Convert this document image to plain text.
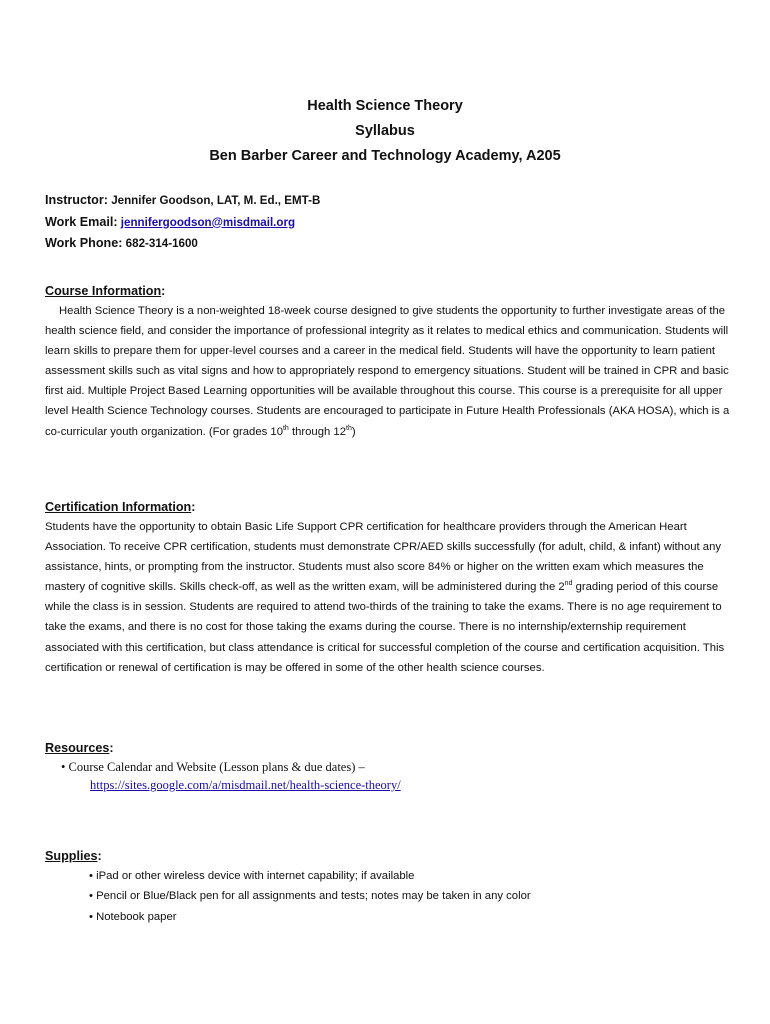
Health Science Theory
Syllabus
Ben Barber Career and Technology Academy, A205
Instructor: Jennifer Goodson, LAT, M. Ed., EMT-B
Work Email: jennifergoodson@misdmail.org
Work Phone: 682-314-1600
Course Information:

Health Science Theory is a non-weighted 18-week course designed to give students the opportunity to further investigate areas of the health science field, and consider the importance of professional integrity as it relates to medical ethics and communication. Students will learn skills to prepare them for upper-level courses and a career in the medical field. Students will have the opportunity to learn patient assessment skills such as vital signs and how to appropriately respond to emergency situations. Student will be trained in CPR and basic first aid. Multiple Project Based Learning opportunities will be available throughout this course. This course is a prerequisite for all upper level Health Science Technology courses. Students are encouraged to participate in Future Health Professionals (AKA HOSA), which is a co-curricular youth organization. (For grades 10th through 12th)

Certification Information:

Students have the opportunity to obtain Basic Life Support CPR certification for healthcare providers through the American Heart Association. To receive CPR certification, students must demonstrate CPR/AED skills successfully (for adult, child, & infant) without any assistance, hints, or prompting from the instructor. Students must also score 84% or higher on the written exam which measures the mastery of cognitive skills. Skills check-off, as well as the written exam, will be administered during the 2nd grading period of this course while the class is in session. Students are required to attend two-thirds of the training to take the exams. There is no age requirement to take the exams, and there is no cost for those taking the exams during the course. There is no internship/externship requirement associated with this certification, but class attendance is critical for successful completion of the course and certification acquisition. This certification or renewal of certification is may be offered in some of the other health science courses.

Resources:
• Course Calendar and Website (Lesson plans & due dates) –
https://sites.google.com/a/misdmail.net/health-science-theory/
Supplies:
• iPad or other wireless device with internet capability; if available
• Pencil or Blue/Black pen for all assignments and tests; notes may be taken in any color
• Notebook paper
